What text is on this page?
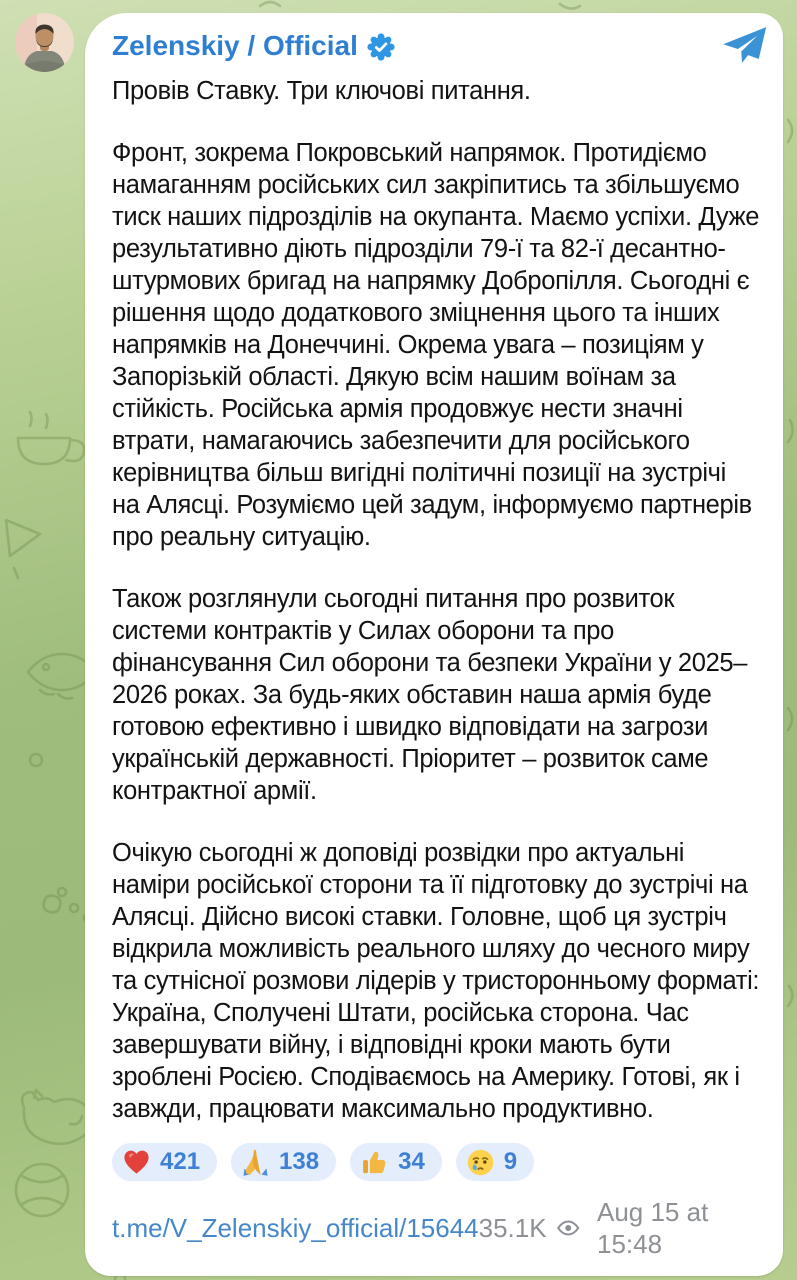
Zelenskiy / Official

Провів Ставку. Три ключові питання.

Фронт, зокрема Покровський напрямок. Протидіємо намаганням російських сил закріпитись та збільшуємо тиск наших підрозділів на окупанта. Маємо успіхи. Дуже результативно діють підрозділи 79-ї та 82-ї десантно-штурмових бригад на напрямку Добропілля. Сьогодні є рішення щодо додаткового зміцнення цього та інших напрямків на Донеччині. Окрема увага – позиціям у Запорізькій області. Дякую всім нашим воїнам за стійкість. Російська армія продовжує нести значні втрати, намагаючись забезпечити для російського керівництва більш вигідні політичні позиції на зустрічі на Алясці. Розуміємо цей задум, інформуємо партнерів про реальну ситуацію.

Також розглянули сьогодні питання про розвиток системи контрактів у Силах оборони та про фінансування Сил оборони та безпеки України у 2025–2026 роках. За будь-яких обставин наша армія буде готовою ефективно і швидко відповідати на загрози українській державності. Пріоритет – розвиток саме контрактної армії.

Очікую сьогодні ж доповіді розвідки про актуальні наміри російської сторони та її підготовку до зустрічі на Алясці. Дійсно високі ставки. Головне, щоб ця зустріч відкрила можливість реального шляху до чесного миру та сутнісної розмови лідерів у тристоронньому форматі: Україна, Сполучені Штати, російська сторона. Час завершувати війну, і відповідні кроки мають бути зроблені Росією. Сподіваємось на Америку. Готові, як і завжди, працювати максимально продуктивно.

421	138	34	9
t.me/V_Zelenskiy_official/15644 35.1K
Aug 15 at 15:48
